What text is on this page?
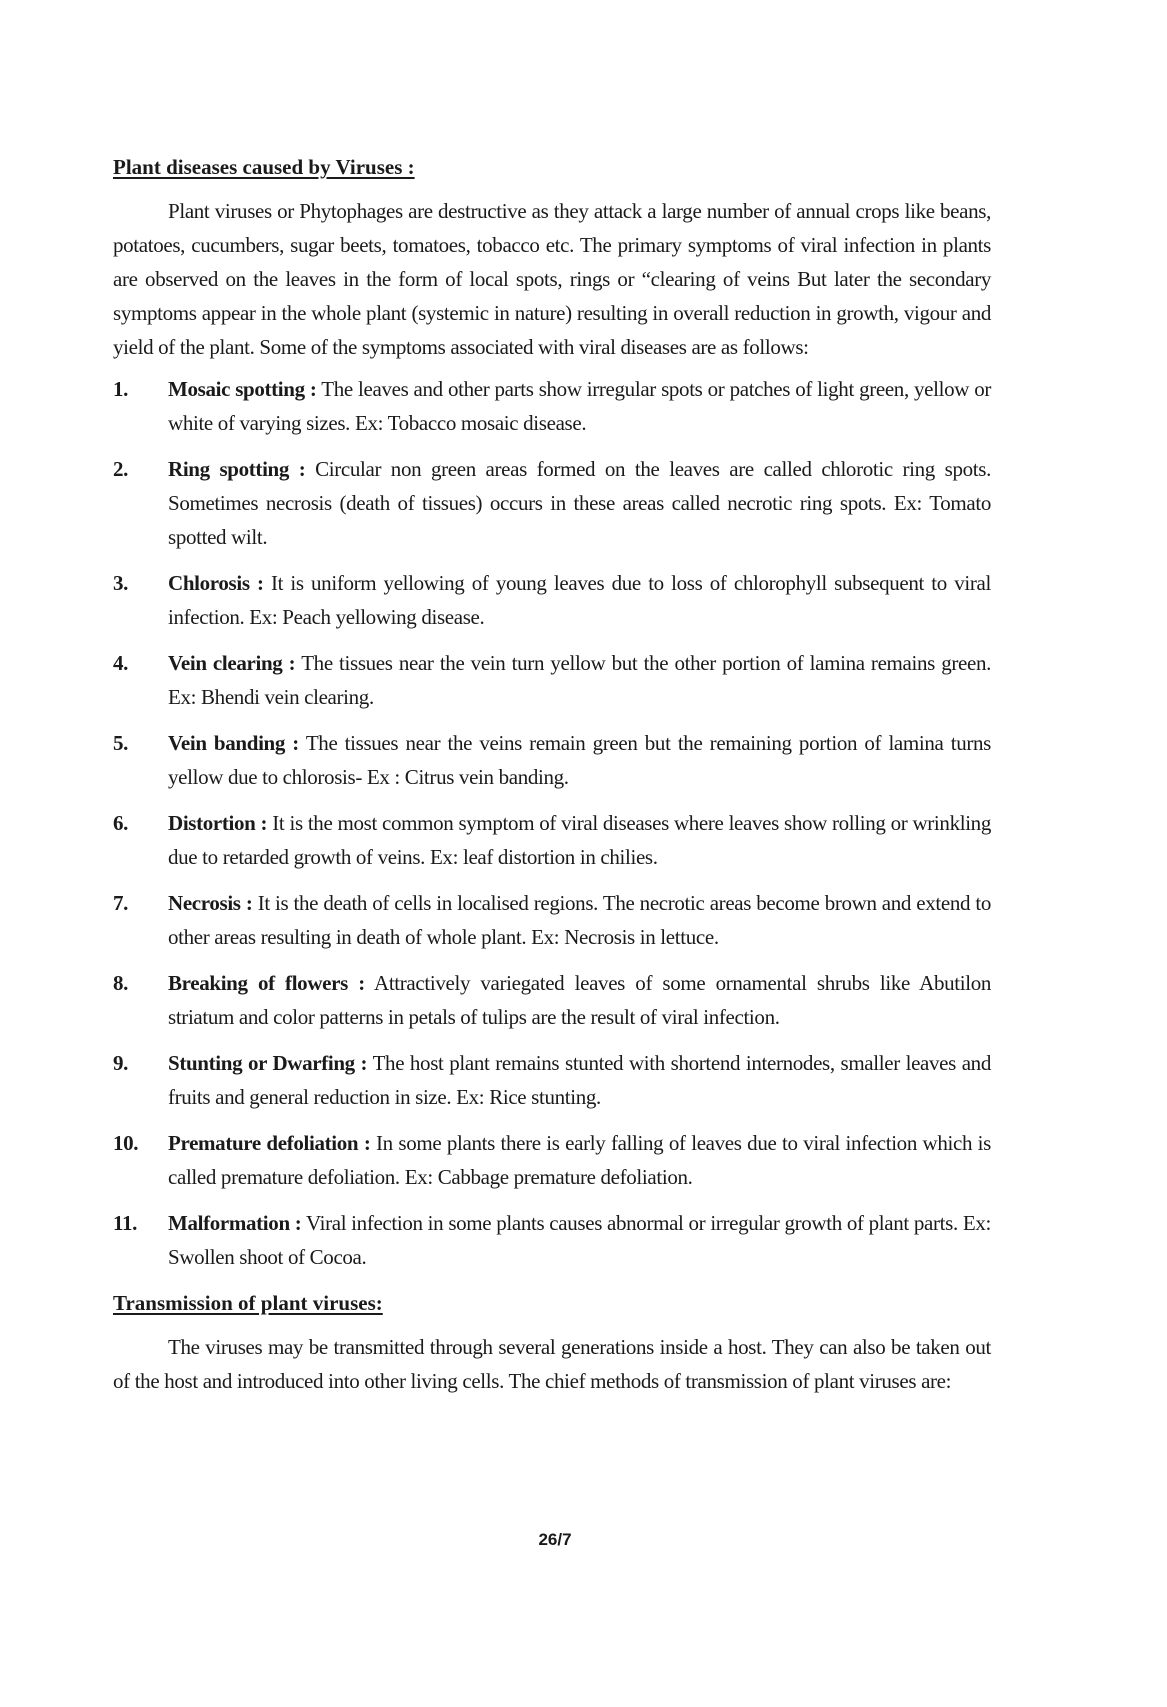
Plant diseases caused by Viruses :

Plant viruses or Phytophages are destructive as they attack a large number of annual crops like beans, potatoes, cucumbers, sugar beets, tomatoes, tobacco etc. The primary symptoms of viral infection in plants are observed on the leaves in the form of local spots, rings or “clearing of veins But later the secondary symptoms appear in the whole plant (systemic in nature) resulting in overall reduction in growth, vigour and yield of the plant. Some of the symptoms associated with viral diseases are as follows:

1.	Mosaic spotting : The leaves and other parts show irregular spots or patches of light green, yellow or white of varying sizes. Ex: Tobacco mosaic disease.
2.	Ring spotting : Circular non green areas formed on the leaves are called chlorotic ring spots. Sometimes necrosis (death of tissues) occurs in these areas called necrotic ring spots. Ex: Tomato spotted wilt.
3.	Chlorosis : It is uniform yellowing of young leaves due to loss of chlorophyll subsequent to viral infection. Ex: Peach yellowing disease.
4.	Vein clearing : The tissues near the vein turn yellow but the other portion of lamina remains green. Ex: Bhendi vein clearing.
5.	Vein banding : The tissues near the veins remain green but the remaining portion of lamina turns yellow due to chlorosis- Ex : Citrus vein banding.
6.	Distortion : It is the most common symptom of viral diseases where leaves show rolling or wrinkling due to retarded growth of veins. Ex: leaf distortion in chilies.
7.	Necrosis : It is the death of cells in localised regions. The necrotic areas become brown and extend to other areas resulting in death of whole plant. Ex: Necrosis in lettuce.
8.	Breaking of flowers : Attractively variegated leaves of some ornamental shrubs like Abutilon striatum and color patterns in petals of tulips are the result of viral infection.
9.	Stunting or Dwarfing : The host plant remains stunted with shortend internodes, smaller leaves and fruits and general reduction in size. Ex: Rice stunting.
10.	Premature defoliation : In some plants there is early falling of leaves due to viral infection which is called premature defoliation. Ex: Cabbage premature defoliation.
11.	Malformation : Viral infection in some plants causes abnormal or irregular growth of plant parts. Ex: Swollen shoot of Cocoa.
Transmission of plant viruses:

The viruses may be transmitted through several generations inside a host. They can also be taken out of the host and introduced into other living cells. The chief methods of transmission of plant viruses are:

26/7
